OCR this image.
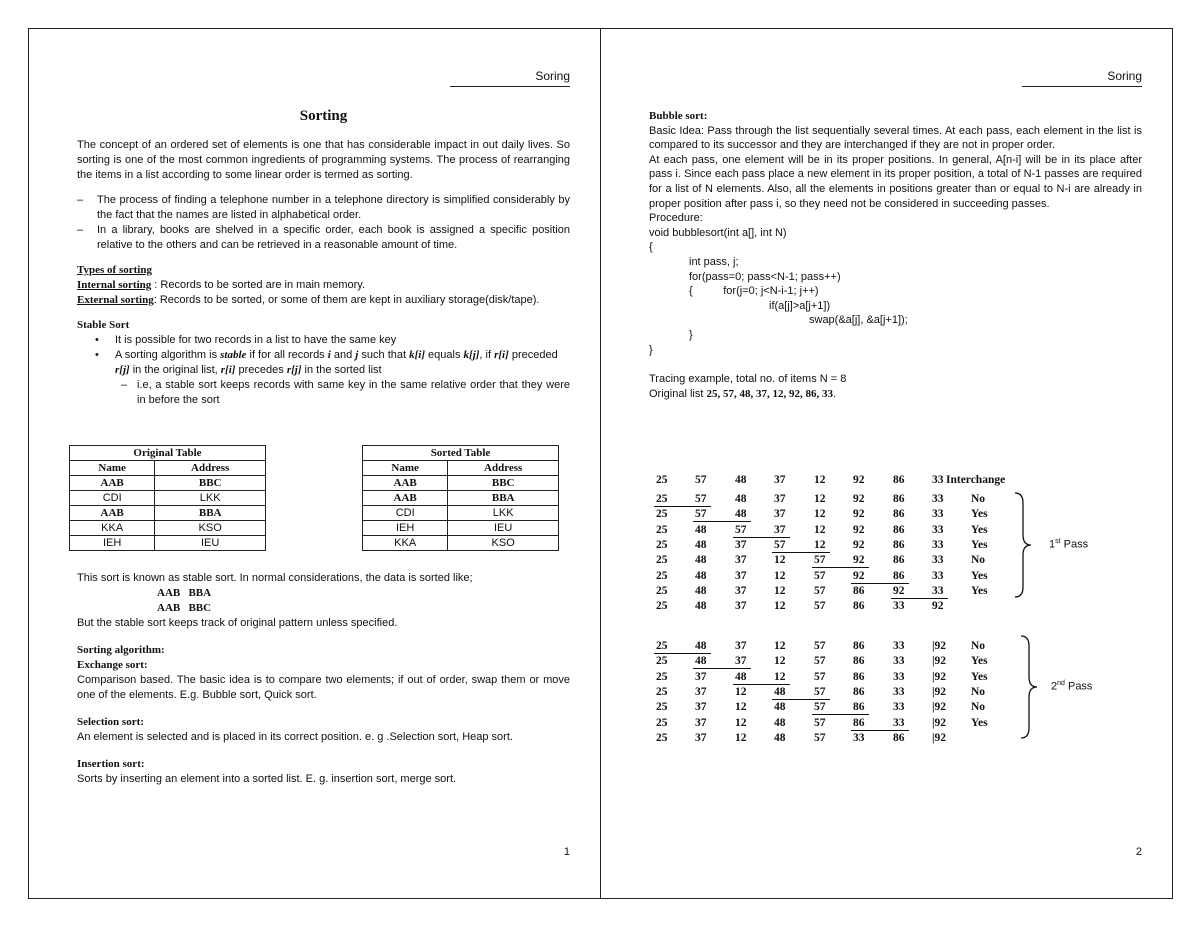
Soring

Sorting

The concept of an ordered set of elements is one that has considerable impact in out daily lives. So sorting is one of the most common ingredients of programming systems. The process of rearranging the items in a list according to some linear order is termed as sorting.

– The process of finding a telephone number in a telephone directory is simplified considerably by the fact that the names are listed in alphabetical order.
– In a library, books are shelved in a specific order, each book is assigned a specific position relative to the others and can be retrieved in a reasonable amount of time.

Types of sorting

Internal sorting : Records to be sorted are in main memory.

External sorting: Records to be sorted, or some of them are kept in auxiliary storage(disk/tape).

Stable Sort

• It is possible for two records in a list to have the same key
• A sorting algorithm is stable if for all records i and j such that k[i] equals k[j], if r[i] preceded r[j] in the original list, r[i] precedes r[j] in the sorted list
– i.e, a stable sort keeps records with same key in the same relative order that they were in before the sort
Original Table	
Name	Address
AAB	BBC
CDI	LKK
AAB	BBA
KKA	KSO
IEH	IEU
Sorted Table	
Name	Address
AAB	BBC
AAB	BBA
CDI	LKK
IEH	IEU
KKA	KSO

This sort is known as stable sort. In normal considerations, the data is sorted like;

AAB   BBA

AAB   BBC

But the stable sort keeps track of original pattern unless specified.

Sorting algorithm:

Exchange sort:

Comparison based. The basic idea is to compare two elements; if out of order, swap them or move one of the elements. E.g. Bubble sort, Quick sort.

Selection sort:

An element is selected and is placed in its correct position. e. g .Selection sort, Heap sort.

Insertion sort:

Sorts by inserting an element into a sorted list. E. g. insertion sort, merge sort.

1
Soring

Bubble sort:

Basic Idea: Pass through the list sequentially several times. At each pass, each element in the list is compared to its successor and they are interchanged if they are not in proper order.

At each pass, one element will be in its proper positions. In general, A[n-i] will be in its place after pass i. Since each pass place a new element in its proper position, a total of N-1 passes are required for a list of N elements. Also, all the elements in positions greater than or equal to N-i are already in proper position after pass i, so they need not be considered in succeeding passes.

Procedure:

void bubblesort(int a[], int N)

{

int pass, j;

for(pass=0; pass<N-1; pass++)

{          for(j=0; j<N-i-1; j++)

if(a[j]>a[j+1])

swap(&a[j], &a[j+1]);

}

}

Tracing example, total no. of items N = 8

Original list 25, 57, 48, 37, 12, 92, 86, 33.

25 57 48 37 12 92 86 33 Interchange
25 57 48 37 12 92 86 33 No
25 57 48 37 12 92 86 33 Yes
25 48 57 37 12 92 86 33 Yes
25 48 37 57 12 92 86 33 Yes
25 48 37 12 57 92 86 33 No
25 48 37 12 57 92 86 33 Yes
25 48 37 12 57 86 92 33 Yes
25 48 37 12 57 86 33 92
25 48 37 12 57 86 33 |92 No
25 48 37 12 57 86 33 |92 Yes
25 37 48 12 57 86 33 |92 Yes
25 37 12 48 57 86 33 |92 No
25 37 12 48 57 86 33 |92 No
25 37 12 48 57 86 33 |92 Yes
25 37 12 48 57 33 86 |92
1st Pass
2nd Pass
2
